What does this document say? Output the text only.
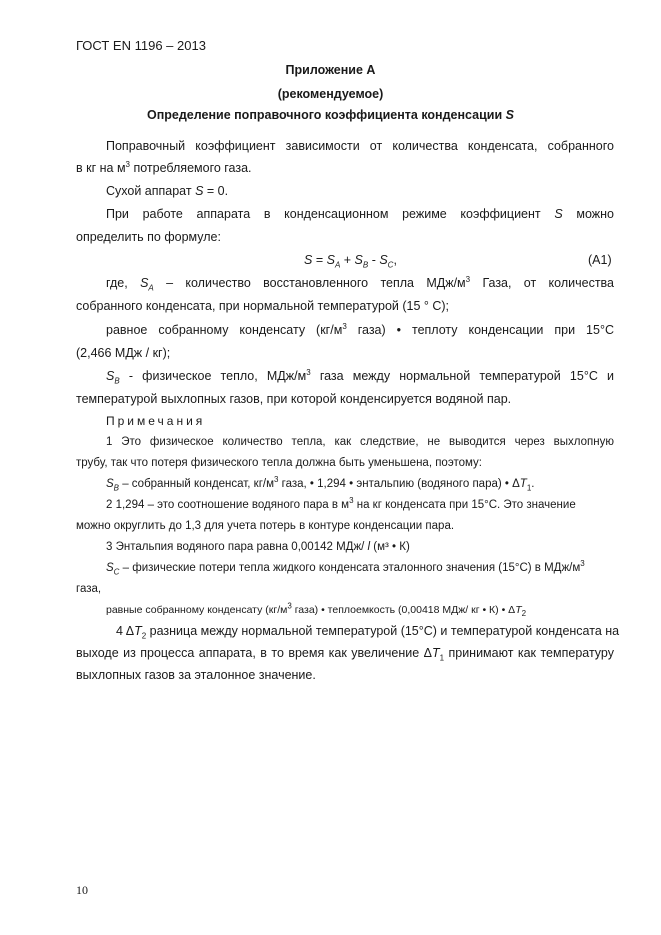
ГОСТ EN 1196 – 2013
Приложение А
(рекомендуемое)
Определение поправочного коэффициента конденсации S
Поправочный коэффициент зависимости от количества конденсата, собранного
в кг на $м^3$ потребляемого газа.
Сухой аппарат S = 0.
При работе аппарата в конденсационном режиме коэффициент S можно
определить по формуле:
$S = S_A + S_B - S_C$,	(А1)
где, $S_A$ – количество восстановленного тепла МДж/$м^3$ Газа, от количества
собранного конденсата, при нормальной температурой (15 ° С);
равное собранному конденсату ($кг/м^3$ газа) • теплоту конденсации при 15°С
(2,466 МДж / кг);
$S_B$ - физическое тепло, МДж/$м^3$ газа между нормальной температурой 15°С и
температурой выхлопных газов, при которой конденсируется водяной пар.
Примечания
1 Это физическое количество тепла, как следствие, не выводится через выхлопную
трубу, так что потеря физического тепла должна быть уменьшена, поэтому:
$S_B$ – собранный конденсат, $кг/м^3$ газа, • 1,294 • энтальпию (водяного пара) • $\Delta T_1$.
2 1,294 – это соотношение водяного пара в $м^3$ на кг конденсата при 15°С. Это значение
можно округлить до 1,3 для учета потерь в контуре конденсации пара.
3 Энтальпия водяного пара равна 0,00142 МДж/ l (м³ • К)
$S_C$ – физические потери тепла жидкого конденсата эталонного значения (15°С) в МДж/$м^3$
газа,
равные собранному конденсату ($кг/м^3$ газа) • теплоемкость (0,00418 МДж/ кг • К) • $\Delta T_2$
4 $\Delta T_2$ разница между нормальной температурой (15°С) и температурой конденсата на
выходе из процесса аппарата, в то время как увеличение $\Delta T_1$ принимают как температуру
выхлопных газов за эталонное значение.
10
